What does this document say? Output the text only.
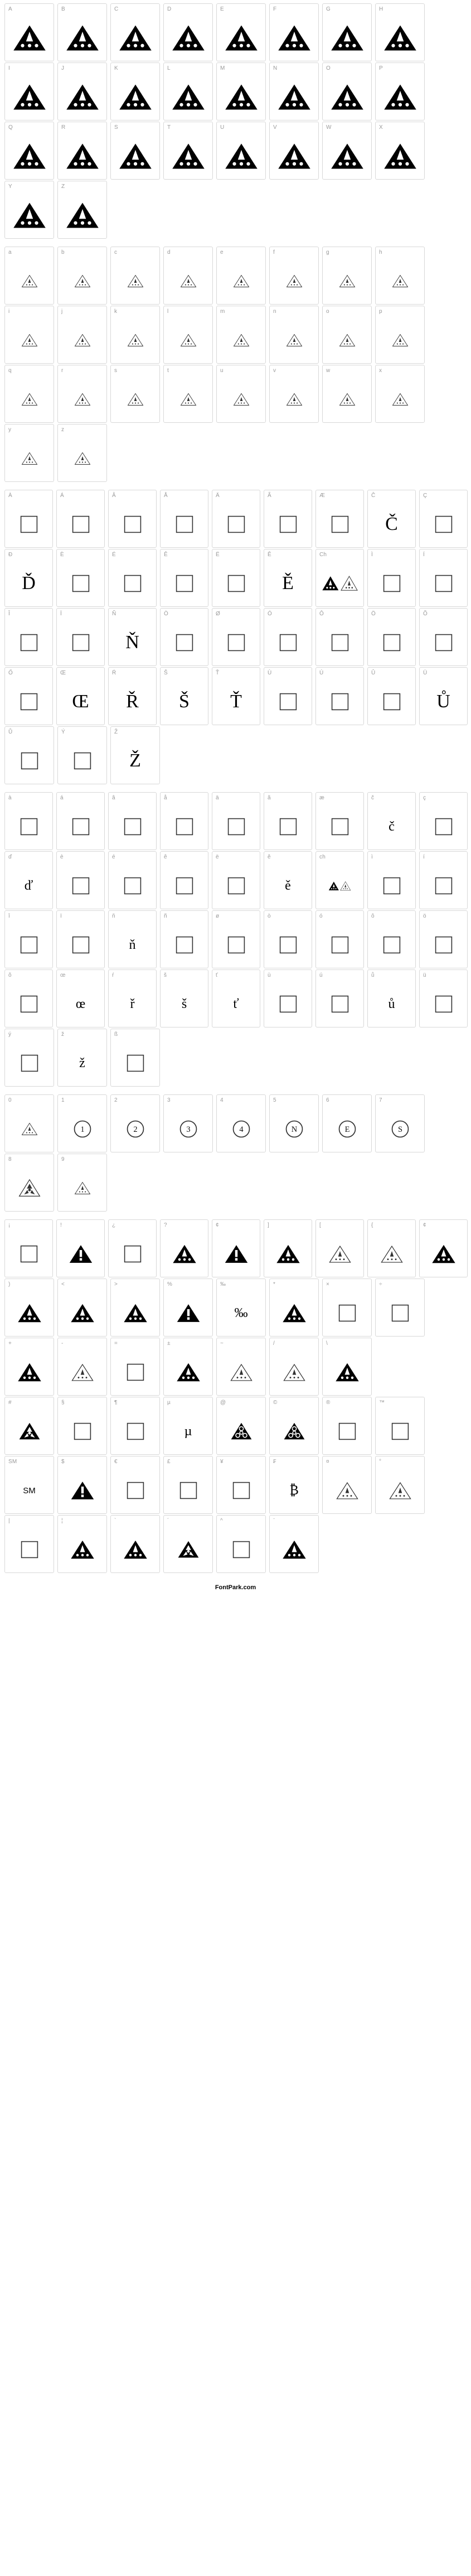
A	B	C	D	E	F	G	H
I	J	K	L	M	N	O	P
Q	R	S	T	U	V	W	X
Y	Z
a	b	c	d	e	f	g	h
i	j	k	l	m	n	o	p
q	r	s	t	u	v	w	x
y	z
À	Á	Â	Å	Ä	Ã	Æ	Č
Č
Ç
Ð
Ď
È	É	Ê	Ë	Ě
Ě
Ch	Ì	Í
Î	Ï	Ñ
Ň
Ò	Ø	Ó	Ô	Ö	Õ
Ő	Œ
Œ
Ŕ
Ř
Š
Š
Ť
Ť
Ù	Ú	Û	Ü
Ů
Ů	Ý	Ž
Ž
à	á	â	å	ä	ã	æ	č
č
ç
ď
ď
è	é	ê	ë	ě
ě
ch	ì	í
î	ï	ň
ň
ñ	ø	ò	ó	ô	ö
õ	œ
œ
ŕ
ř
š
š
ť
ť
ù	ú	ů
ů
ü
ý	ž
ž
ß
0	1
1
2
2
3
3
4
4
5
N
6
E
7
S
8	9
¡	!	¿	?	¢	]	[	{	¢
)	<	>	%	‰
‰
*	×	÷
+	-	=	±	~	/	\
#	§	¶	µ
µ
@	©	®	™
SM
SM
$	€	£	¥	₣
₿
¤	°
|	¦	`	´	^	¨
FontPark.com
